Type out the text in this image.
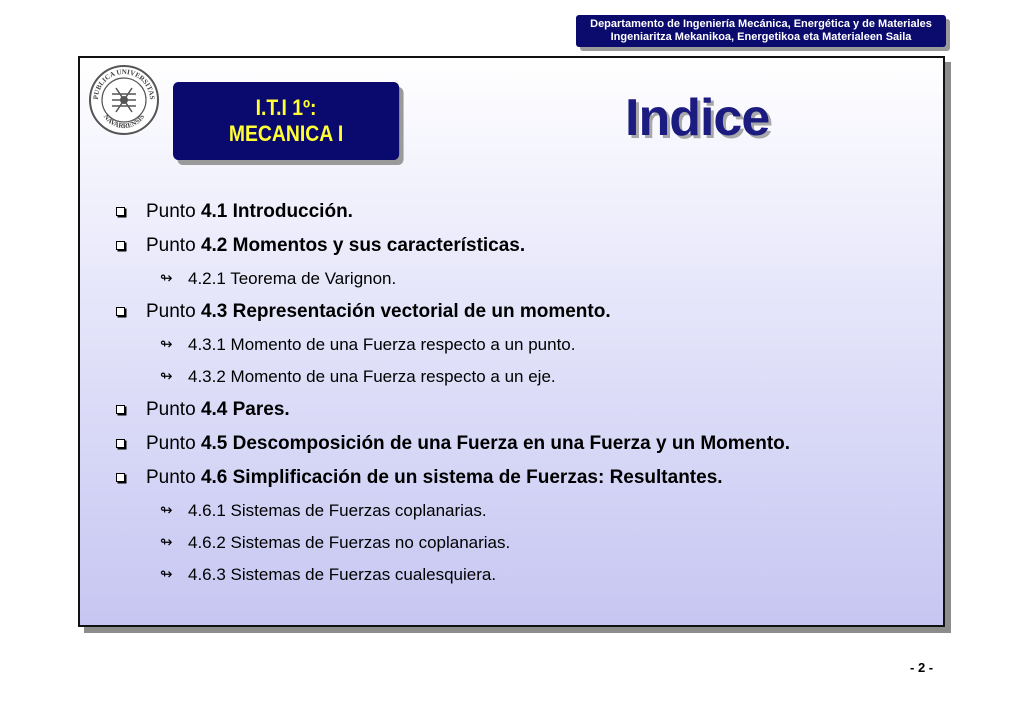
Departamento de Ingeniería Mecánica, Energética y de Materiales
Ingeniaritza Mekanikoa, Energetikoa eta Materialeen Saila
PUBLICA UNIVERSITAS
NAVARRENSIS	I.T.I 1º:
MECANICA I	Indice
Punto 4.1 Introducción.
Punto 4.2 Momentos y sus características.
↬ 4.2.1 Teorema de Varignon.
Punto 4.3 Representación vectorial de un momento.
↬ 4.3.1 Momento de una Fuerza respecto a un punto.
↬ 4.3.2 Momento de una Fuerza respecto a un eje.
Punto 4.4 Pares.
Punto 4.5 Descomposición de una Fuerza en una Fuerza y un Momento.
Punto 4.6 Simplificación de un sistema de Fuerzas: Resultantes.
↬ 4.6.1 Sistemas de Fuerzas coplanarias.
↬ 4.6.2 Sistemas de Fuerzas no coplanarias.
↬ 4.6.3 Sistemas de Fuerzas cualesquiera.
- 2 -
